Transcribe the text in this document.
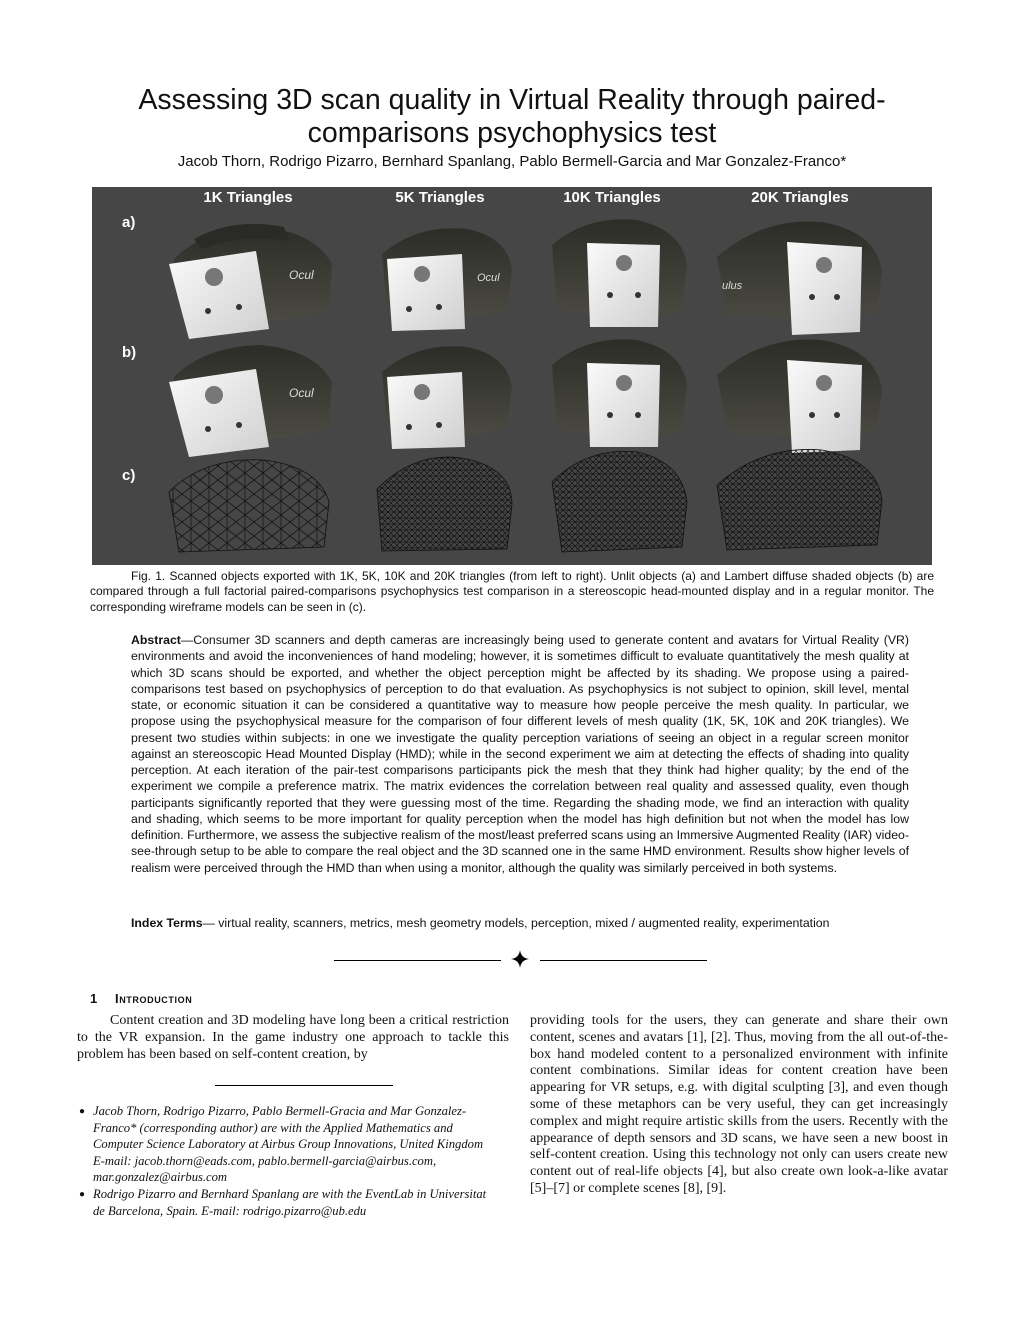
Assessing 3D scan quality in Virtual Reality through paired-comparisons psychophysics test
Jacob Thorn, Rodrigo Pizarro, Bernhard Spanlang, Pablo Bermell-Garcia and Mar Gonzalez-Franco*
1K Triangles	5K Triangles	10K Triangles	20K Triangles
a)
b)
c)
Ocul	Ocul
ulus
Ocul

Fig. 1. Scanned objects exported with 1K, 5K, 10K and 20K triangles (from left to right). Unlit objects (a) and Lambert diffuse shaded objects (b) are compared through a full factorial paired-comparisons psychophysics test comparison in a stereoscopic head-mounted display and in a regular monitor. The corresponding wireframe models can be seen in (c).

Abstract—Consumer 3D scanners and depth cameras are increasingly being used to generate content and avatars for Virtual Reality (VR) environments and avoid the inconveniences of hand modeling; however, it is sometimes difficult to evaluate quantitatively the mesh quality at which 3D scans should be exported, and whether the object perception might be affected by its shading. We propose using a paired-comparisons test based on psychophysics of perception to do that evaluation. As psychophysics is not subject to opinion, skill level, mental state, or economic situation it can be considered a quantitative way to measure how people perceive the mesh quality. In particular, we propose using the psychophysical measure for the comparison of four different levels of mesh quality (1K, 5K, 10K and 20K triangles). We present two studies within subjects: in one we investigate the quality perception variations of seeing an object in a regular screen monitor against an stereoscopic Head Mounted Display (HMD); while in the second experiment we aim at detecting the effects of shading into quality perception. At each iteration of the pair-test comparisons participants pick the mesh that they think had higher quality; by the end of the experiment we compile a preference matrix. The matrix evidences the correlation between real quality and assessed quality, even though participants significantly reported that they were guessing most of the time. Regarding the shading mode, we find an interaction with quality and shading, which seems to be more important for quality perception when the model has high definition but not when the model has low definition. Furthermore, we assess the subjective realism of the most/least preferred scans using an Immersive Augmented Reality (IAR) video-see-through setup to be able to compare the real object and the 3D scanned one in the same HMD environment. Results show higher levels of realism were perceived through the HMD than when using a monitor, although the quality was similarly perceived in both systems.

Index Terms— virtual reality, scanners, metrics, mesh geometry models, perception, mixed / augmented reality, experimentation

1 Introduction

Content creation and 3D modeling have long been a critical restriction to the VR expansion. In the game industry one approach to tackle this problem has been based on self-content creation, by

● Jacob Thorn, Rodrigo Pizarro, Pablo Bermell-Gracia and Mar Gonzalez-Franco* (corresponding author) are with the Applied Mathematics and Computer Science Laboratory at Airbus Group Innovations, United Kingdom E-mail: jacob.thorn@eads.com, pablo.bermell-garcia@airbus.com, mar.gonzalez@airbus.com

● Rodrigo Pizarro and Bernhard Spanlang are with the EventLab in Universitat de Barcelona, Spain. E-mail: rodrigo.pizarro@ub.edu

providing tools for the users, they can generate and share their own content, scenes and avatars [1], [2]. Thus, moving from the all out-of-the-box hand modeled content to a personalized environment with infinite content combinations. Similar ideas for content creation have been appearing for VR setups, e.g. with digital sculpting [3], and even though some of these metaphors can be very useful, they can get increasingly complex and might require artistic skills from the users. Recently with the appearance of depth sensors and 3D scans, we have seen a new boost in self-content creation. Using this technology not only can users create new content out of real-life objects [4], but also create own look-a-like avatar [5]–[7] or complete scenes [8], [9].
